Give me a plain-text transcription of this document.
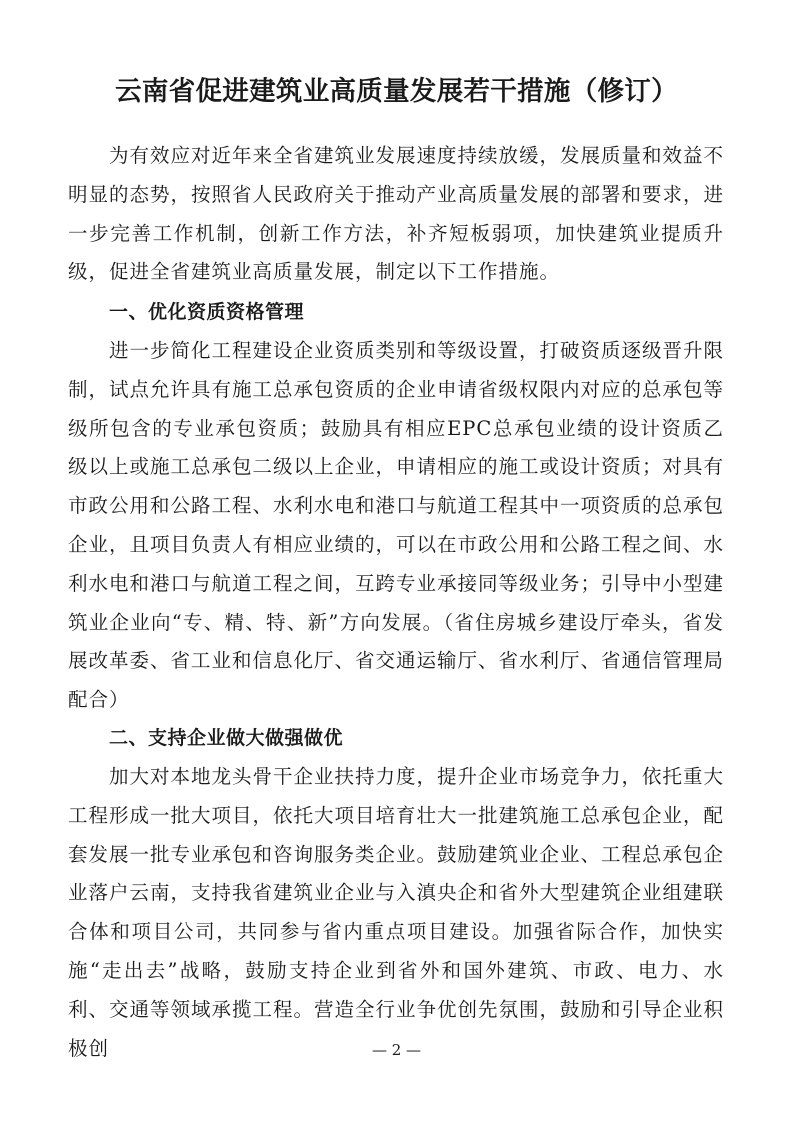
云南省促进建筑业高质量发展若干措施（修订）
为有效应对近年来全省建筑业发展速度持续放缓，发展质量和效益不明显的态势，按照省人民政府关于推动产业高质量发展的部署和要求，进一步完善工作机制，创新工作方法，补齐短板弱项，加快建筑业提质升级，促进全省建筑业高质量发展，制定以下工作措施。
一、优化资质资格管理
进一步简化工程建设企业资质类别和等级设置，打破资质逐级晋升限制，试点允许具有施工总承包资质的企业申请省级权限内对应的总承包等级所包含的专业承包资质；鼓励具有相应EPC总承包业绩的设计资质乙级以上或施工总承包二级以上企业，申请相应的施工或设计资质；对具有市政公用和公路工程、水利水电和港口与航道工程其中一项资质的总承包企业，且项目负责人有相应业绩的，可以在市政公用和公路工程之间、水利水电和港口与航道工程之间，互跨专业承接同等级业务；引导中小型建筑业企业向“专、精、特、新”方向发展。（省住房城乡建设厅牵头，省发展改革委、省工业和信息化厅、省交通运输厅、省水利厅、省通信管理局配合）
二、支持企业做大做强做优
加大对本地龙头骨干企业扶持力度，提升企业市场竞争力，依托重大工程形成一批大项目，依托大项目培育壮大一批建筑施工总承包企业，配套发展一批专业承包和咨询服务类企业。鼓励建筑业企业、工程总承包企业落户云南，支持我省建筑业企业与入滇央企和省外大型建筑企业组建联合体和项目公司，共同参与省内重点项目建设。加强省际合作，加快实施“走出去”战略，鼓励支持企业到省外和国外建筑、市政、电力、水利、交通等领域承揽工程。营造全行业争优创先氛围，鼓励和引导企业积极创	— 2 —
